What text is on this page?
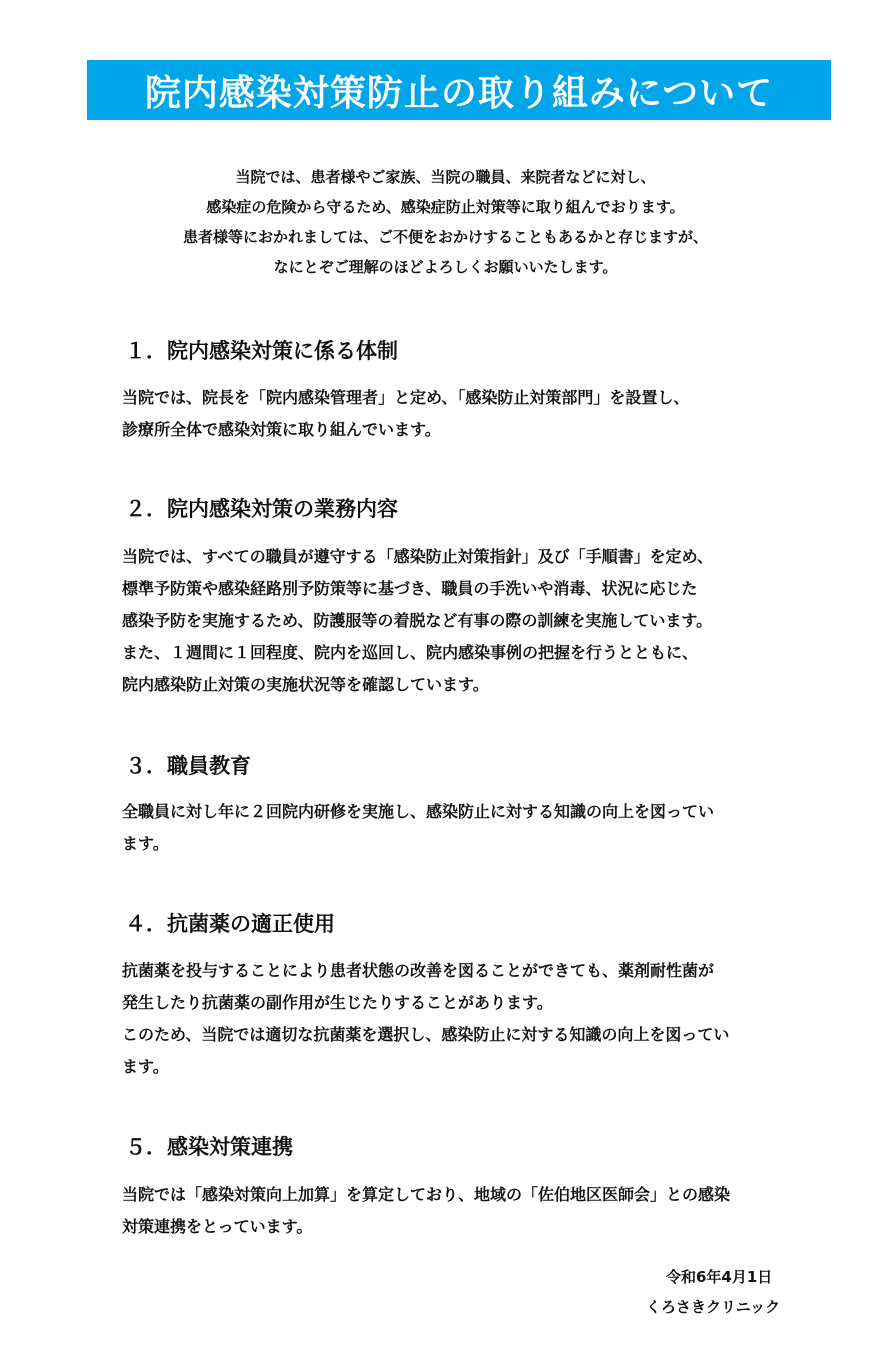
院内感染対策防止の取り組みについて
当院では、患者様やご家族、当院の職員、来院者などに対し、
感染症の危険から守るため、感染症防止対策等に取り組んでおります。
患者様等におかれましては、ご不便をおかけすることもあるかと存じますが、
なにとぞご理解のほどよろしくお願いいたします。
１．院内感染対策に係る体制
当院では、院長を「院内感染管理者」と定め、「感染防止対策部門」を設置し、
診療所全体で感染対策に取り組んでいます。
２．院内感染対策の業務内容
当院では、すべての職員が遵守する「感染防止対策指針」及び「手順書」を定め、
標準予防策や感染経路別予防策等に基づき、職員の手洗いや消毒、状況に応じた
感染予防を実施するため、防護服等の着脱など有事の際の訓練を実施しています。
また、１週間に１回程度、院内を巡回し、院内感染事例の把握を行うとともに、
院内感染防止対策の実施状況等を確認しています。
３．職員教育
全職員に対し年に２回院内研修を実施し、感染防止に対する知識の向上を図ってい
ます。
４．抗菌薬の適正使用
抗菌薬を投与することにより患者状態の改善を図ることができても、薬剤耐性菌が
発生したり抗菌薬の副作用が生じたりすることがあります。
このため、当院では適切な抗菌薬を選択し、感染防止に対する知識の向上を図ってい
ます。
５．感染対策連携
当院では「感染対策向上加算」を算定しており、地域の「佐伯地区医師会」との感染
対策連携をとっています。
令和6年4月1日
くろさきクリニック
